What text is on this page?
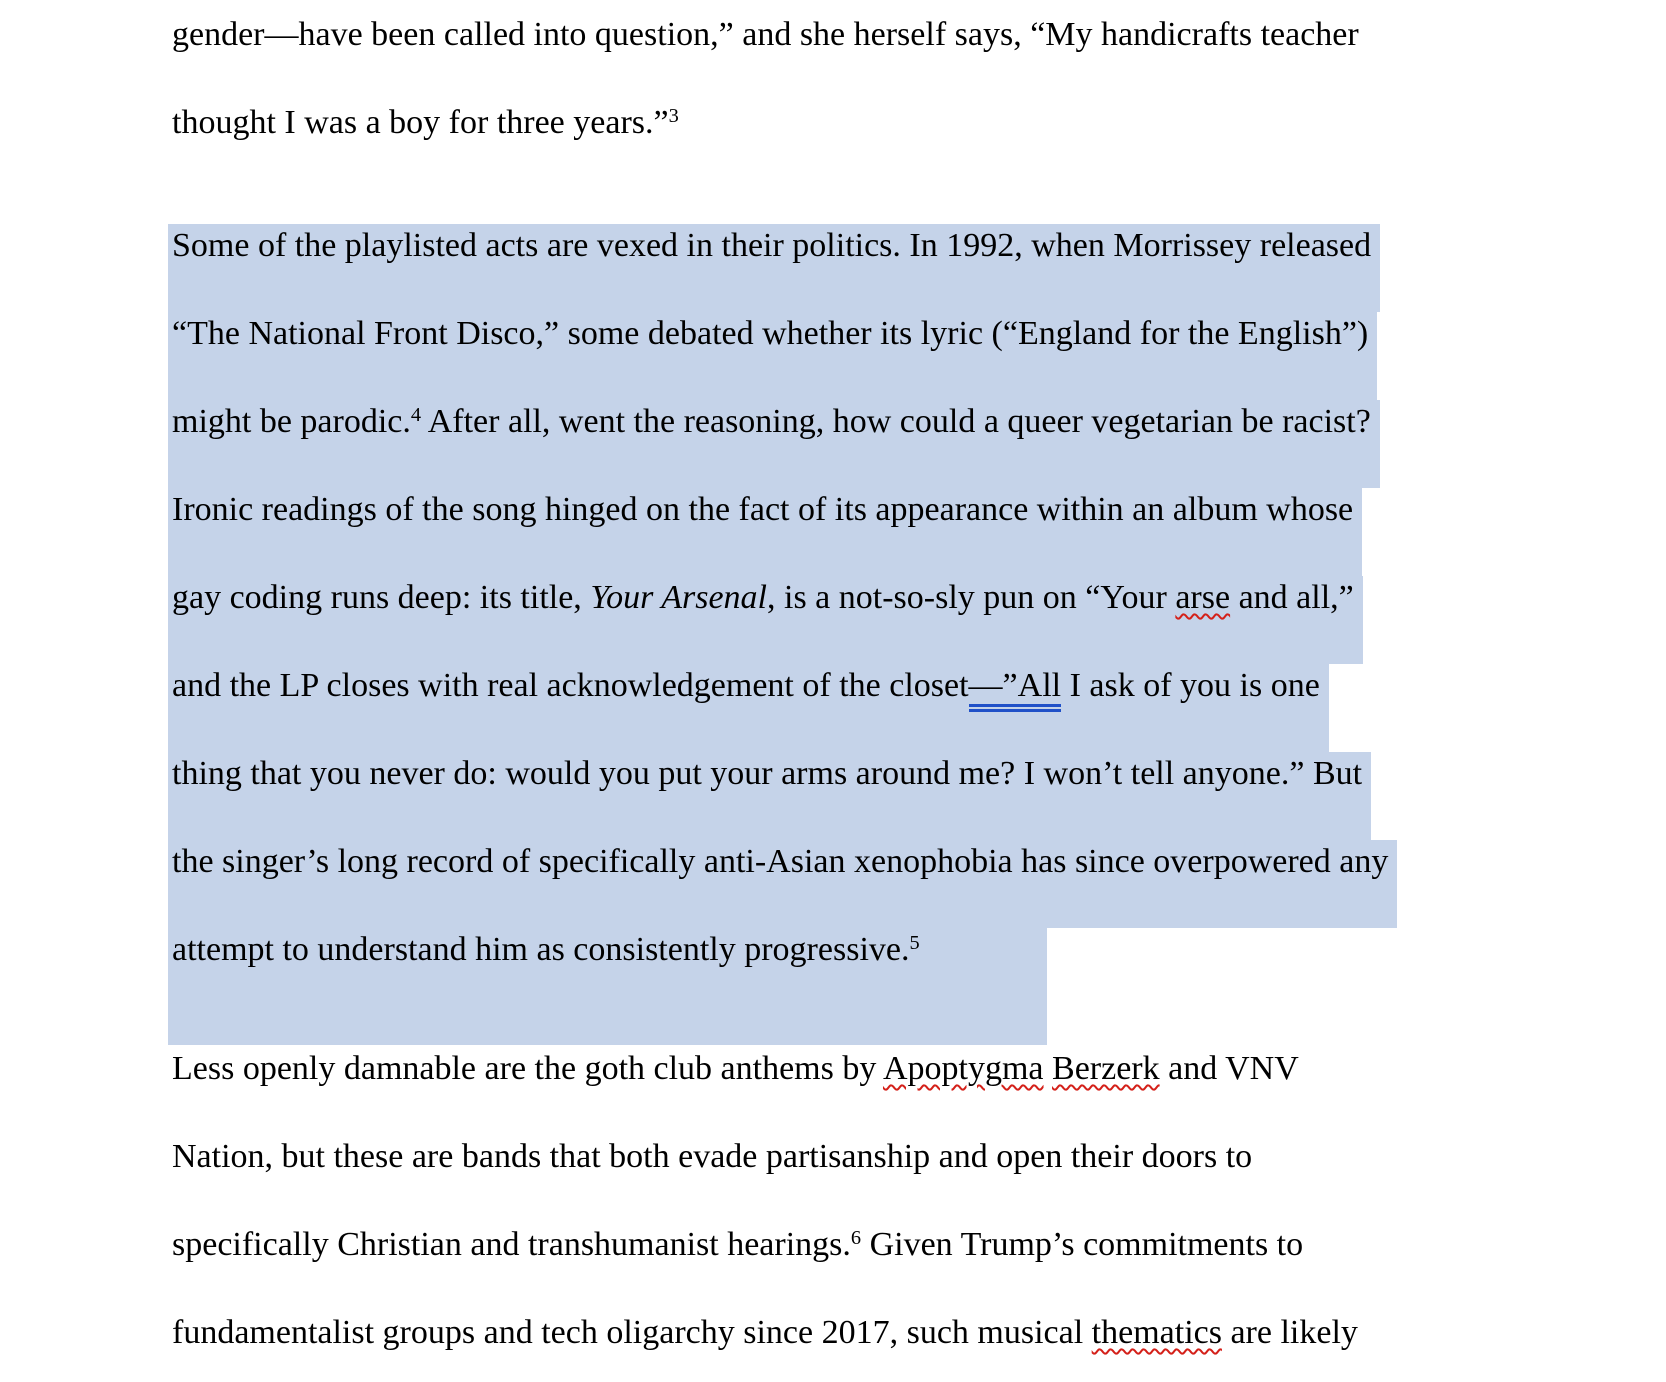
gender—have been called into question,” and she herself says, “My handicrafts teacher
thought I was a boy for three years.”$^3$
Some of the playlisted acts are vexed in their politics. In 1992, when Morrissey released
“The National Front Disco,” some debated whether its lyric (“England for the English”)
might be parodic.$^4$ After all, went the reasoning, how could a queer vegetarian be racist?
Ironic readings of the song hinged on the fact of its appearance within an album whose
gay coding runs deep: its title, Your Arsenal, is a not-so-sly pun on “Your arse and all,”
and the LP closes with real acknowledgement of the closet—”All I ask of you is one
thing that you never do: would you put your arms around me? I won’t tell anyone.” But
the singer’s long record of specifically anti-Asian xenophobia has since overpowered any
attempt to understand him as consistently progressive.$^5$
Less openly damnable are the goth club anthems by Apoptygma Berzerk and VNV
Nation, but these are bands that both evade partisanship and open their doors to
specifically Christian and transhumanist hearings.$^6$ Given Trump’s commitments to
fundamentalist groups and tech oligarchy since 2017, such musical thematics are likely
